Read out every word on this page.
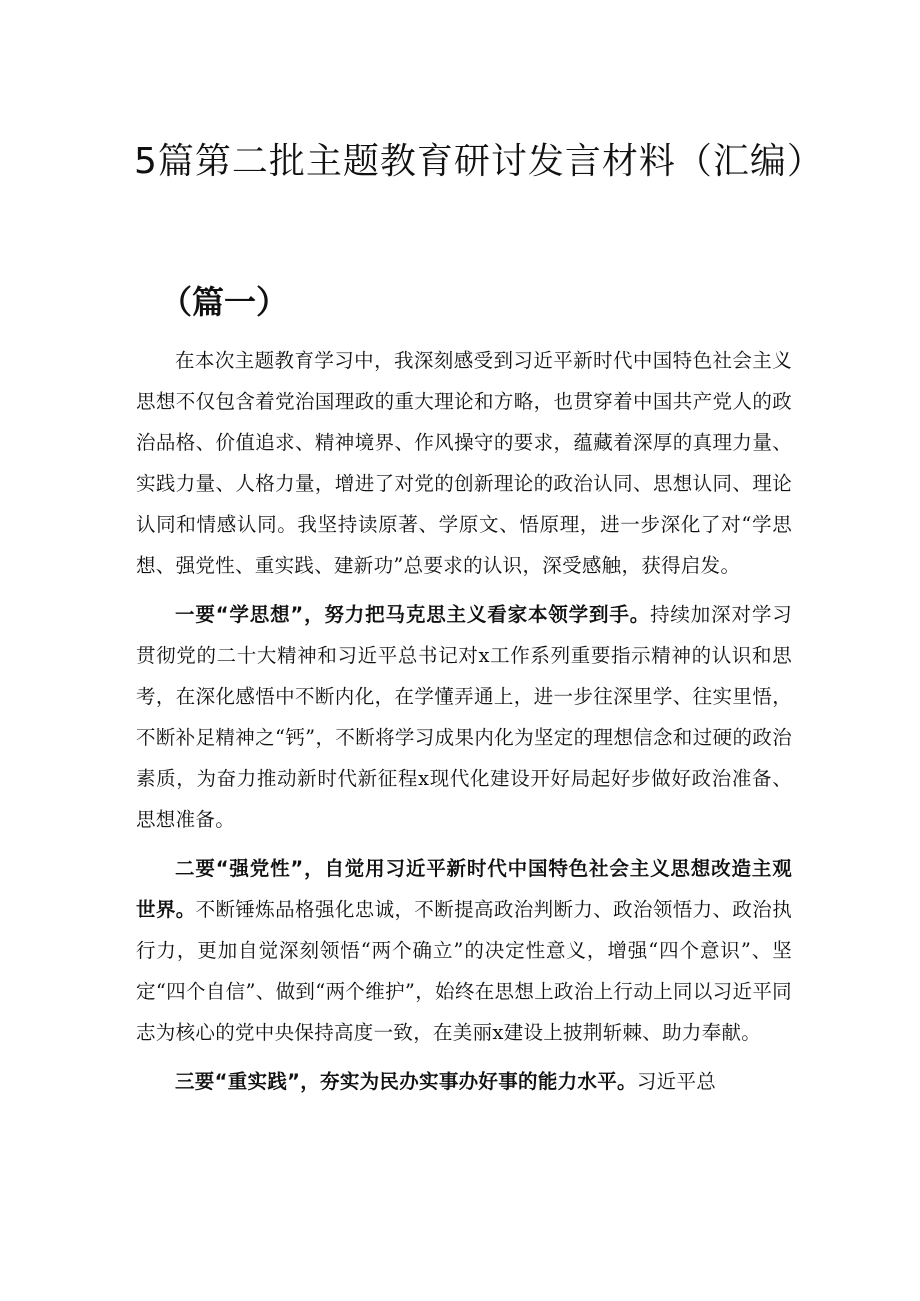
5篇第二批主题教育研讨发言材料（汇编）
（篇一）

在本次主题教育学习中，我深刻感受到习近平新时代中国特色社会主义思想不仅包含着党治国理政的重大理论和方略，也贯穿着中国共产党人的政治品格、价值追求、精神境界、作风操守的要求，蕴藏着深厚的真理力量、实践力量、人格力量，增进了对党的创新理论的政治认同、思想认同、理论认同和情感认同。我坚持读原著、学原文、悟原理，进一步深化了对“学思想、强党性、重实践、建新功”总要求的认识，深受感触，获得启发。

一要“学思想”，努力把马克思主义看家本领学到手。持续加深对学习贯彻党的二十大精神和习近平总书记对x工作系列重要指示精神的认识和思考，在深化感悟中不断内化，在学懂弄通上，进一步往深里学、往实里悟，不断补足精神之“钙”，不断将学习成果内化为坚定的理想信念和过硬的政治素质，为奋力推动新时代新征程x现代化建设开好局起好步做好政治准备、思想准备。

二要“强党性”，自觉用习近平新时代中国特色社会主义思想改造主观世界。不断锤炼品格强化忠诚，不断提高政治判断力、政治领悟力、政治执行力，更加自觉深刻领悟“两个确立”的决定性意义，增强“四个意识”、坚定“四个自信”、做到“两个维护”，始终在思想上政治上行动上同以习近平同志为核心的党中央保持高度一致，在美丽x建设上披荆斩棘、助力奉献。

三要“重实践”，夯实为民办实事办好事的能力水平。习近平总
